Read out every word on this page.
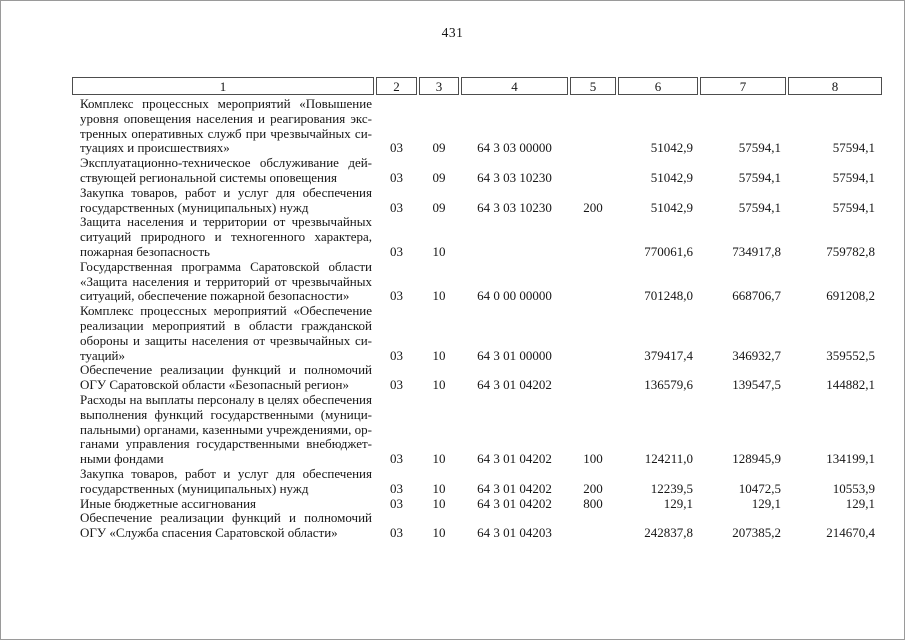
431
1	2	3	4	5	6	7	8

Комплекс процессных мероприятий «Повышение
уровня оповещения населения и реагирования экс-
тренных оперативных служб при чрезвычайных си-
туациях и происшествиях»	03	09	64 3 03 00000		51042,9	57594,1	57594,1

Эксплуатационно-техническое обслуживание дей-
ствующей региональной системы оповещения	03	09	64 3 03 10230		51042,9	57594,1	57594,1

Закупка товаров, работ и услуг для обеспечения
государственных (муниципальных) нужд	03	09	64 3 03 10230	200	51042,9	57594,1	57594,1

Защита населения и территории от чрезвычайных
ситуаций природного и техногенного характера,
пожарная безопасность	03	10			770061,6	734917,8	759782,8

Государственная программа Саратовской области
«Защита населения и территорий от чрезвычайных
ситуаций, обеспечение пожарной безопасности»	03	10	64 0 00 00000		701248,0	668706,7	691208,2

Комплекс процессных мероприятий «Обеспечение
реализации мероприятий в области гражданской
обороны и защиты населения от чрезвычайных си-
туаций»	03	10	64 3 01 00000		379417,4	346932,7	359552,5

Обеспечение реализации функций и полномочий
ОГУ Саратовской области «Безопасный регион»	03	10	64 3 01 04202		136579,6	139547,5	144882,1

Расходы на выплаты персоналу в целях обеспечения
выполнения функций государственными (муници-
пальными) органами, казенными учреждениями, ор-
ганами управления государственными внебюджет-
ными фондами	03	10	64 3 01 04202	100	124211,0	128945,9	134199,1

Закупка товаров, работ и услуг для обеспечения
государственных (муниципальных) нужд	03	10	64 3 01 04202	200	12239,5	10472,5	10553,9

Иные бюджетные ассигнования	03	10	64 3 01 04202	800	129,1	129,1	129,1

Обеспечение реализации функций и полномочий
ОГУ «Служба спасения Саратовской области»	03	10	64 3 01 04203		242837,8	207385,2	214670,4
